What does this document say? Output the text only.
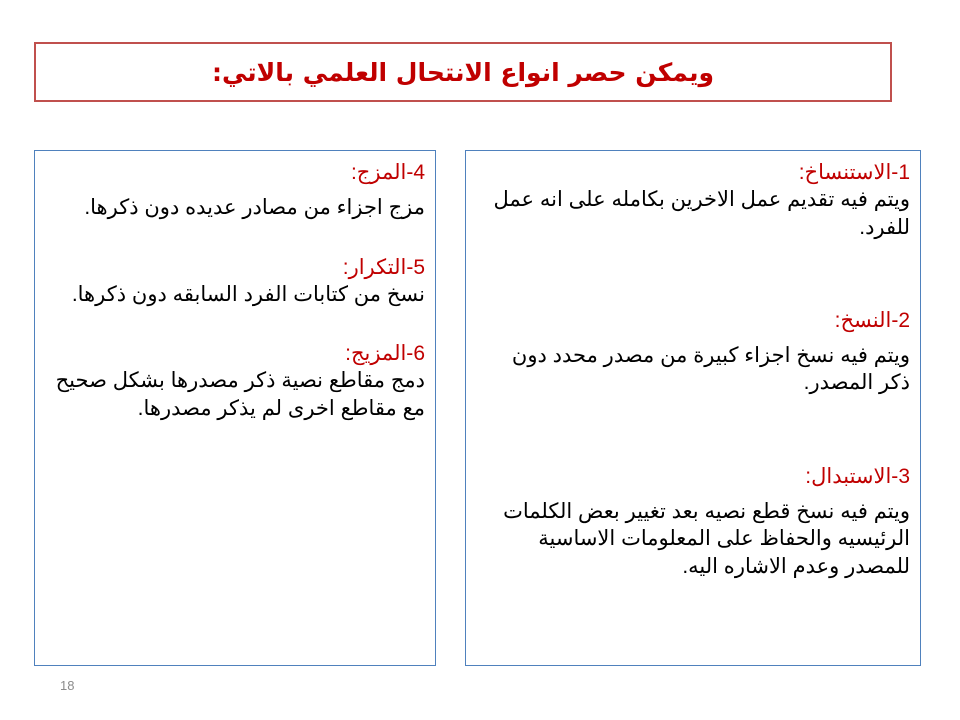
ويمكن حصر انواع الانتحال العلمي بالاتي:
1-الاستنساخ:
ويتم فيه تقديم عمل الاخرين بكامله على انه عمل للفرد.
2-النسخ:
ويتم فيه نسخ اجزاء كبيرة من مصدر محدد دون ذكر المصدر.
3-الاستبدال:
ويتم فيه نسخ قطع نصيه بعد تغيير بعض الكلمات الرئيسيه والحفاظ على المعلومات الاساسية للمصدر وعدم الاشاره اليه.
4-المزج:
مزج اجزاء من مصادر عديده دون ذكرها.
5-التكرار:
نسخ من كتابات الفرد السابقه دون ذكرها.
6-المزيج:
دمج مقاطع نصية ذكر مصدرها بشكل صحيح مع مقاطع اخرى لم يذكر مصدرها.
18
